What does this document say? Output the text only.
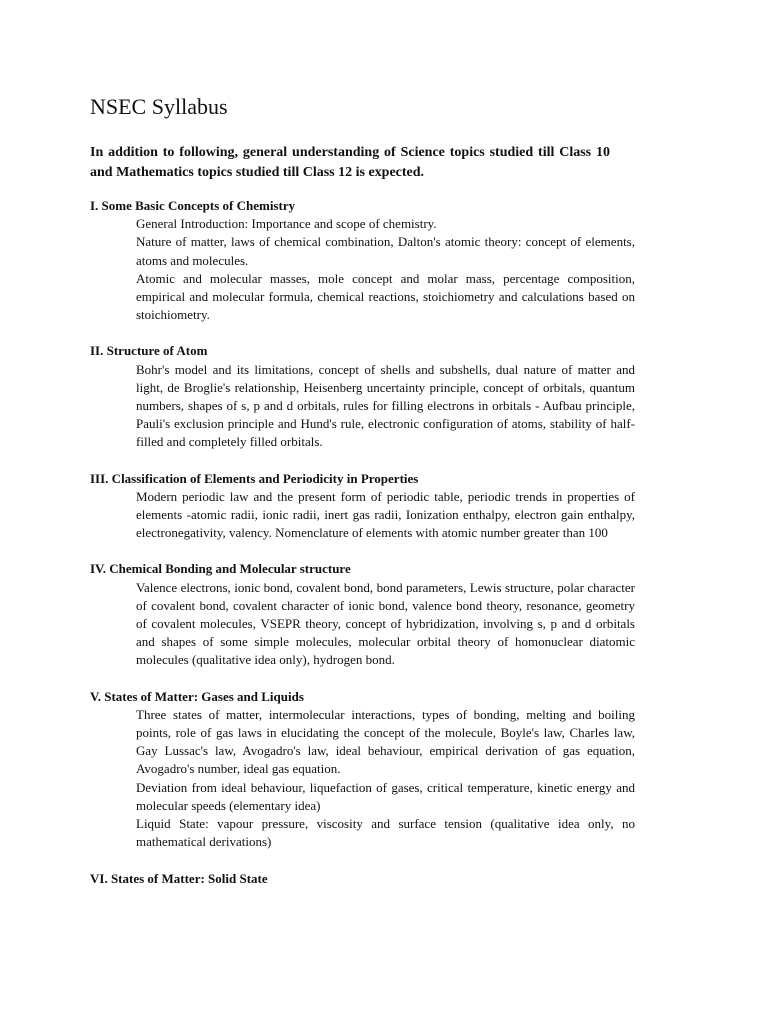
NSEC Syllabus

In addition to following, general understanding of Science topics studied till Class 10 and Mathematics topics studied till Class 12 is expected.

I. Some Basic Concepts of Chemistry

General Introduction: Importance and scope of chemistry.

Nature of matter, laws of chemical combination, Dalton's atomic theory: concept of elements, atoms and molecules.

Atomic and molecular masses, mole concept and molar mass, percentage composition, empirical and molecular formula, chemical reactions, stoichiometry and calculations based on stoichiometry.

II. Structure of Atom

Bohr's model and its limitations, concept of shells and subshells, dual nature of matter and light, de Broglie's relationship, Heisenberg uncertainty principle, concept of orbitals, quantum numbers, shapes of s, p and d orbitals, rules for filling electrons in orbitals - Aufbau principle, Pauli's exclusion principle and Hund's rule, electronic configuration of atoms, stability of half-filled and completely filled orbitals.

III. Classification of Elements and Periodicity in Properties

Modern periodic law and the present form of periodic table, periodic trends in properties of elements -atomic radii, ionic radii, inert gas radii, Ionization enthalpy, electron gain enthalpy, electronegativity, valency. Nomenclature of elements with atomic number greater than 100

IV. Chemical Bonding and Molecular structure

Valence electrons, ionic bond, covalent bond, bond parameters, Lewis structure, polar character of covalent bond, covalent character of ionic bond, valence bond theory, resonance, geometry of covalent molecules, VSEPR theory, concept of hybridization, involving s, p and d orbitals and shapes of some simple molecules, molecular orbital theory of homonuclear diatomic molecules (qualitative idea only), hydrogen bond.

V. States of Matter: Gases and Liquids

Three states of matter, intermolecular interactions, types of bonding, melting and boiling points, role of gas laws in elucidating the concept of the molecule, Boyle's law, Charles law, Gay Lussac's law, Avogadro's law, ideal behaviour, empirical derivation of gas equation, Avogadro's number, ideal gas equation.

Deviation from ideal behaviour, liquefaction of gases, critical temperature, kinetic energy and molecular speeds (elementary idea)

Liquid State: vapour pressure, viscosity and surface tension (qualitative idea only, no mathematical derivations)

VI. States of Matter: Solid State
